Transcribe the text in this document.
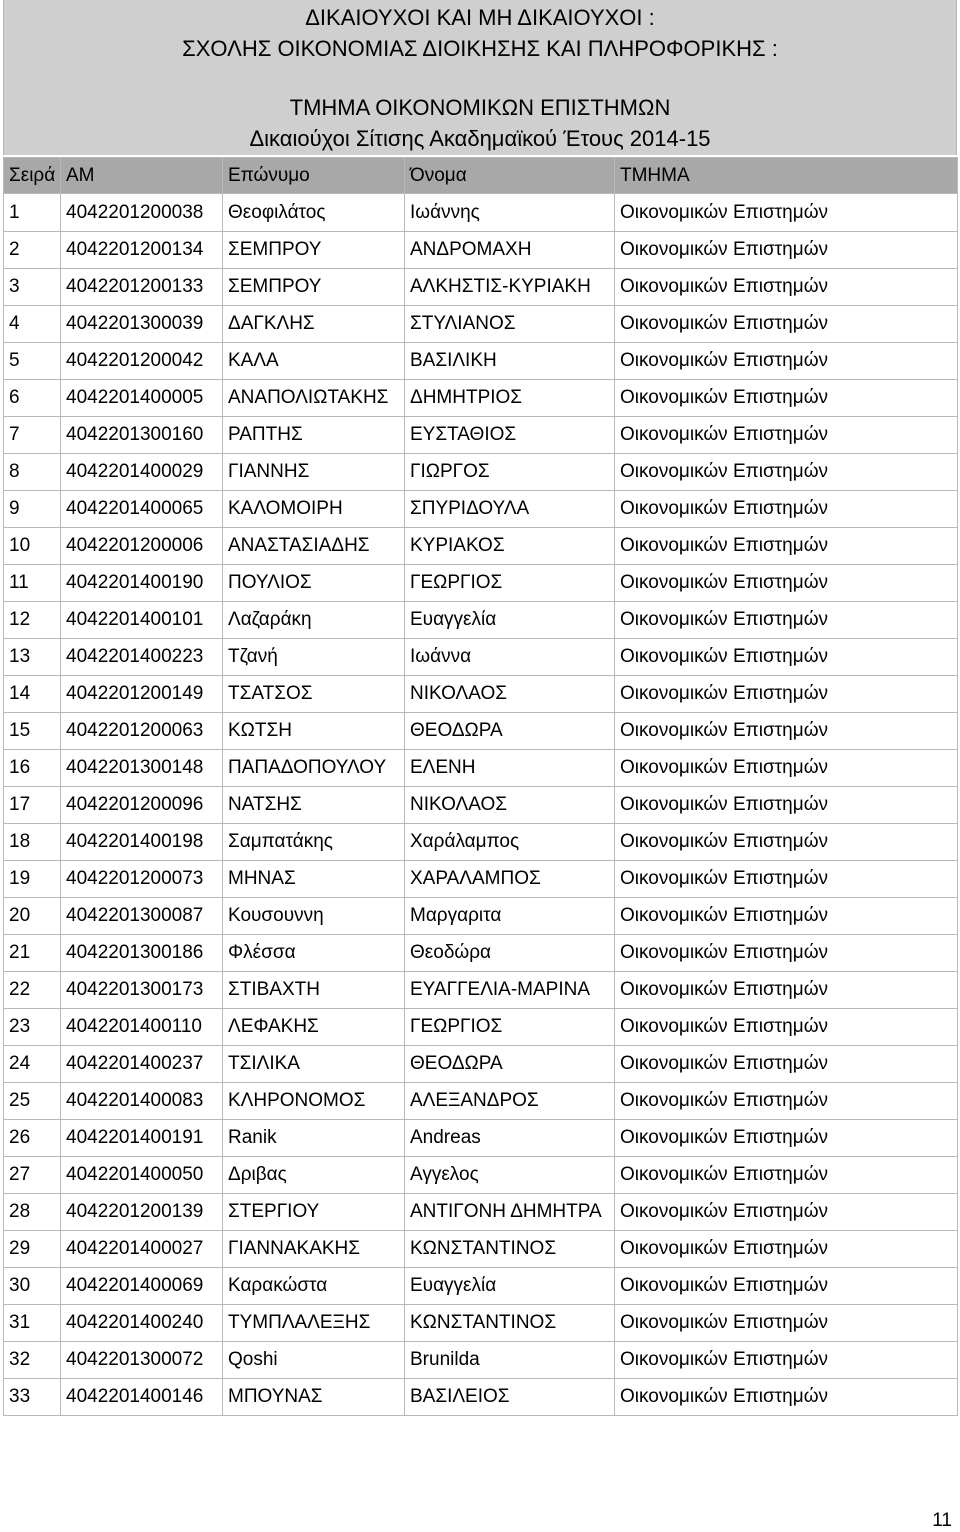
ΔΙΚΑΙΟΥΧΟΙ ΚΑΙ ΜΗ ΔΙΚΑΙΟΥΧΟΙ :
ΣΧΟΛΗΣ ΟΙΚΟΝΟΜΙΑΣ ΔΙΟΙΚΗΣΗΣ ΚΑΙ ΠΛΗΡΟΦΟΡΙΚΗΣ :
ΤΜΗΜΑ ΟΙΚΟΝΟΜΙΚΩΝ ΕΠΙΣΤΗΜΩΝ
Δικαιούχοι Σίτισης Ακαδημαϊκού Έτους 2014-15
Σειρά	ΑΜ	Επώνυμο	Όνομα	ΤΜΗΜΑ
1	4042201200038	Θεοφιλάτος	Ιωάννης	Οικονομικών Επιστημών
2	4042201200134	ΣΕΜΠΡΟΥ	ΑΝΔΡΟΜΑΧΗ	Οικονομικών Επιστημών
3	4042201200133	ΣΕΜΠΡΟΥ	ΑΛΚΗΣΤΙΣ-ΚΥΡΙΑΚΗ	Οικονομικών Επιστημών
4	4042201300039	ΔΑΓΚΛΗΣ	ΣΤΥΛΙΑΝΟΣ	Οικονομικών Επιστημών
5	4042201200042	ΚΑΛΑ	ΒΑΣΙΛΙΚΗ	Οικονομικών Επιστημών
6	4042201400005	ΑΝΑΠΟΛΙΩΤΑΚΗΣ	ΔΗΜΗΤΡΙΟΣ	Οικονομικών Επιστημών
7	4042201300160	ΡΑΠΤΗΣ	ΕΥΣΤΑΘΙΟΣ	Οικονομικών Επιστημών
8	4042201400029	ΓΙΑΝΝΗΣ	ΓΙΩΡΓΟΣ	Οικονομικών Επιστημών
9	4042201400065	ΚΑΛΟΜΟΙΡΗ	ΣΠΥΡΙΔΟΥΛΑ	Οικονομικών Επιστημών
10	4042201200006	ΑΝΑΣΤΑΣΙΑΔΗΣ	ΚΥΡΙΑΚΟΣ	Οικονομικών Επιστημών
11	4042201400190	ΠΟΥΛΙΟΣ	ΓΕΩΡΓΙΟΣ	Οικονομικών Επιστημών
12	4042201400101	Λαζαράκη	Ευαγγελία	Οικονομικών Επιστημών
13	4042201400223	Τζανή	Ιωάννα	Οικονομικών Επιστημών
14	4042201200149	ΤΣΑΤΣΟΣ	ΝΙΚΟΛΑΟΣ	Οικονομικών Επιστημών
15	4042201200063	ΚΩΤΣΗ	ΘΕΟΔΩΡΑ	Οικονομικών Επιστημών
16	4042201300148	ΠΑΠΑΔΟΠΟΥΛΟΥ	ΕΛΕΝΗ	Οικονομικών Επιστημών
17	4042201200096	ΝΑΤΣΗΣ	ΝΙΚΟΛΑΟΣ	Οικονομικών Επιστημών
18	4042201400198	Σαμπατάκης	Χαράλαμπος	Οικονομικών Επιστημών
19	4042201200073	ΜΗΝΑΣ	ΧΑΡΑΛΑΜΠΟΣ	Οικονομικών Επιστημών
20	4042201300087	Κουσουννη	Μαργαριτα	Οικονομικών Επιστημών
21	4042201300186	Φλέσσα	Θεοδώρα	Οικονομικών Επιστημών
22	4042201300173	ΣΤΙΒΑΧΤΗ	ΕΥΑΓΓΕΛΙΑ-ΜΑΡΙΝΑ	Οικονομικών Επιστημών
23	4042201400110	ΛΕΦΑΚΗΣ	ΓΕΩΡΓΙΟΣ	Οικονομικών Επιστημών
24	4042201400237	ΤΣΙΛΙΚΑ	ΘΕΟΔΩΡΑ	Οικονομικών Επιστημών
25	4042201400083	ΚΛΗΡΟΝΟΜΟΣ	ΑΛΕΞΑΝΔΡΟΣ	Οικονομικών Επιστημών
26	4042201400191	Ranik	Andreas	Οικονομικών Επιστημών
27	4042201400050	Δριβας	Αγγελος	Οικονομικών Επιστημών
28	4042201200139	ΣΤΕΡΓΙΟΥ	ΑΝΤΙΓΟΝΗ ΔΗΜΗΤΡΑ	Οικονομικών Επιστημών
29	4042201400027	ΓΙΑΝΝΑΚΑΚΗΣ	ΚΩΝΣΤΑΝΤΙΝΟΣ	Οικονομικών Επιστημών
30	4042201400069	Καρακώστα	Ευαγγελία	Οικονομικών Επιστημών
31	4042201400240	ΤΥΜΠΛΑΛΕΞΗΣ	ΚΩΝΣΤΑΝΤΙΝΟΣ	Οικονομικών Επιστημών
32	4042201300072	Qoshi	Brunilda	Οικονομικών Επιστημών
33	4042201400146	ΜΠΟΥΝΑΣ	ΒΑΣΙΛΕΙΟΣ	Οικονομικών Επιστημών
11
